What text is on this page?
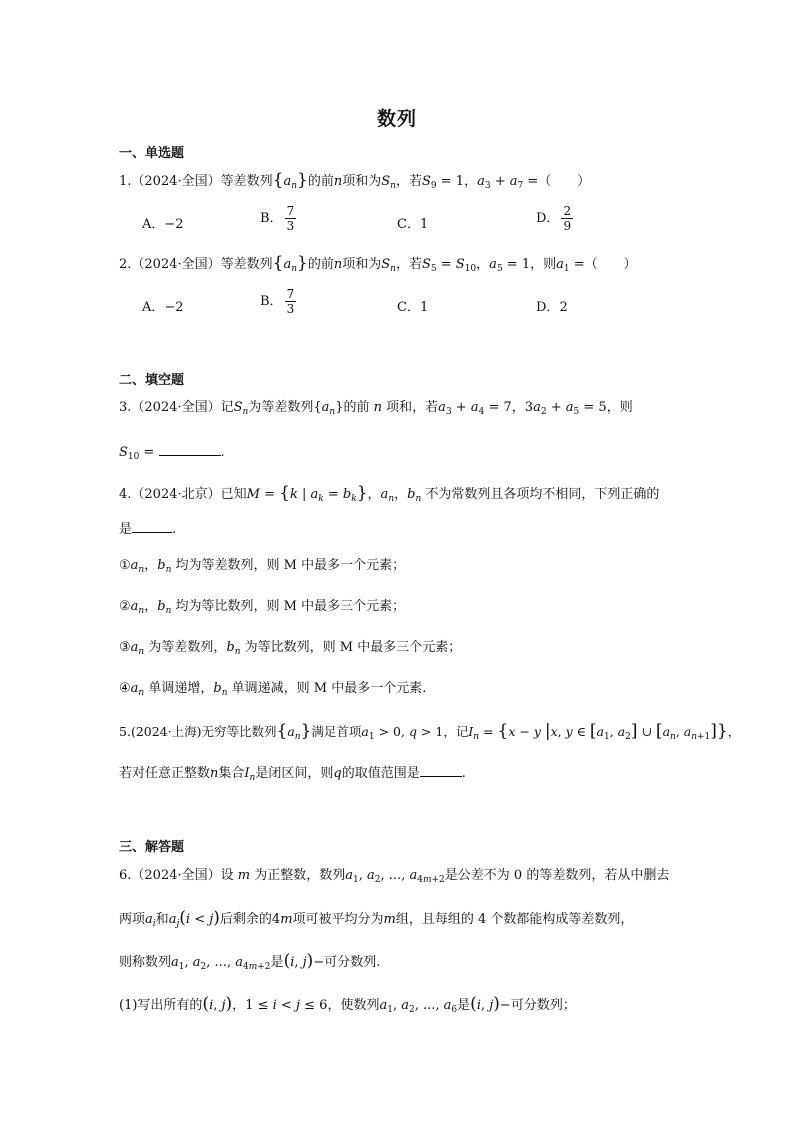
数列
一、单选题
1.（2024·全国）等差数列$\{a_n\}$的前n项和为$S_n$，若$S_9 = 1$，$a_3 + a_7$ =（　　）
A．−2	B． $\frac{7}{3}$	C．1	D． $\frac{2}{9}$
2.（2024·全国）等差数列$\{a_n\}$的前n项和为$S_n$，若$S_5 = S_{10}$，$a_5 = 1$，则$a_1$ =（　　）
A．−2	B． $\frac{7}{3}$	C．1	D．2
二、填空题
3.（2024·全国）记$S_n$为等差数列$\{a_n\}$的前 n 项和，若$a_3 + a_4 = 7$，$3a_2 + a_5 = 5$，则
$S_{10}$ =	.
4.（2024·北京）已知M = {k | $a_k = b_k$}，$a_n$，$b_n$ 不为常数列且各项均不相同，下列正确的
是	.
$①a_n$，$b_n$ 均为等差数列，则 M 中最多一个元素；
$②a_n$，$b_n$ 均为等比数列，则 M 中最多三个元素；
$③a_n$ 为等差数列，$b_n$ 为等比数列，则 M 中最多三个元素；
$④a_n$ 单调递增，$b_n$ 单调递减，则 M 中最多一个元素.
5.(2024·上海)无穷等比数列$\{a_n\}$满足首项$a_1 > 0$, q > 1，记$I_n = \{x - y$ |x, y ∈ [$a_1$, $a_2$] ∪ [$a_n$, $a_{n+1}$]}，
若对任意正整数n集合$I_n$是闭区间，则q的取值范围是	.
三、解答题
6.（2024·全国）设 m 为正整数，数列$a_1$, $a_2$, ..., $a_{4m+2}$是公差不为 0 的等差数列，若从中删去
两项$a_i$和$a_j(i < j)$后剩余的4m项可被平均分为m组，且每组的 4 个数都能构成等差数列，
则称数列$a_1$, $a_2$, ..., $a_{4m+2}$是(i, j)−可分数列.
(1)写出所有的(i, j)，1 ≤ i < j ≤ 6，使数列$a_1$, $a_2$, ..., $a_6$是(i, j)−可分数列；
